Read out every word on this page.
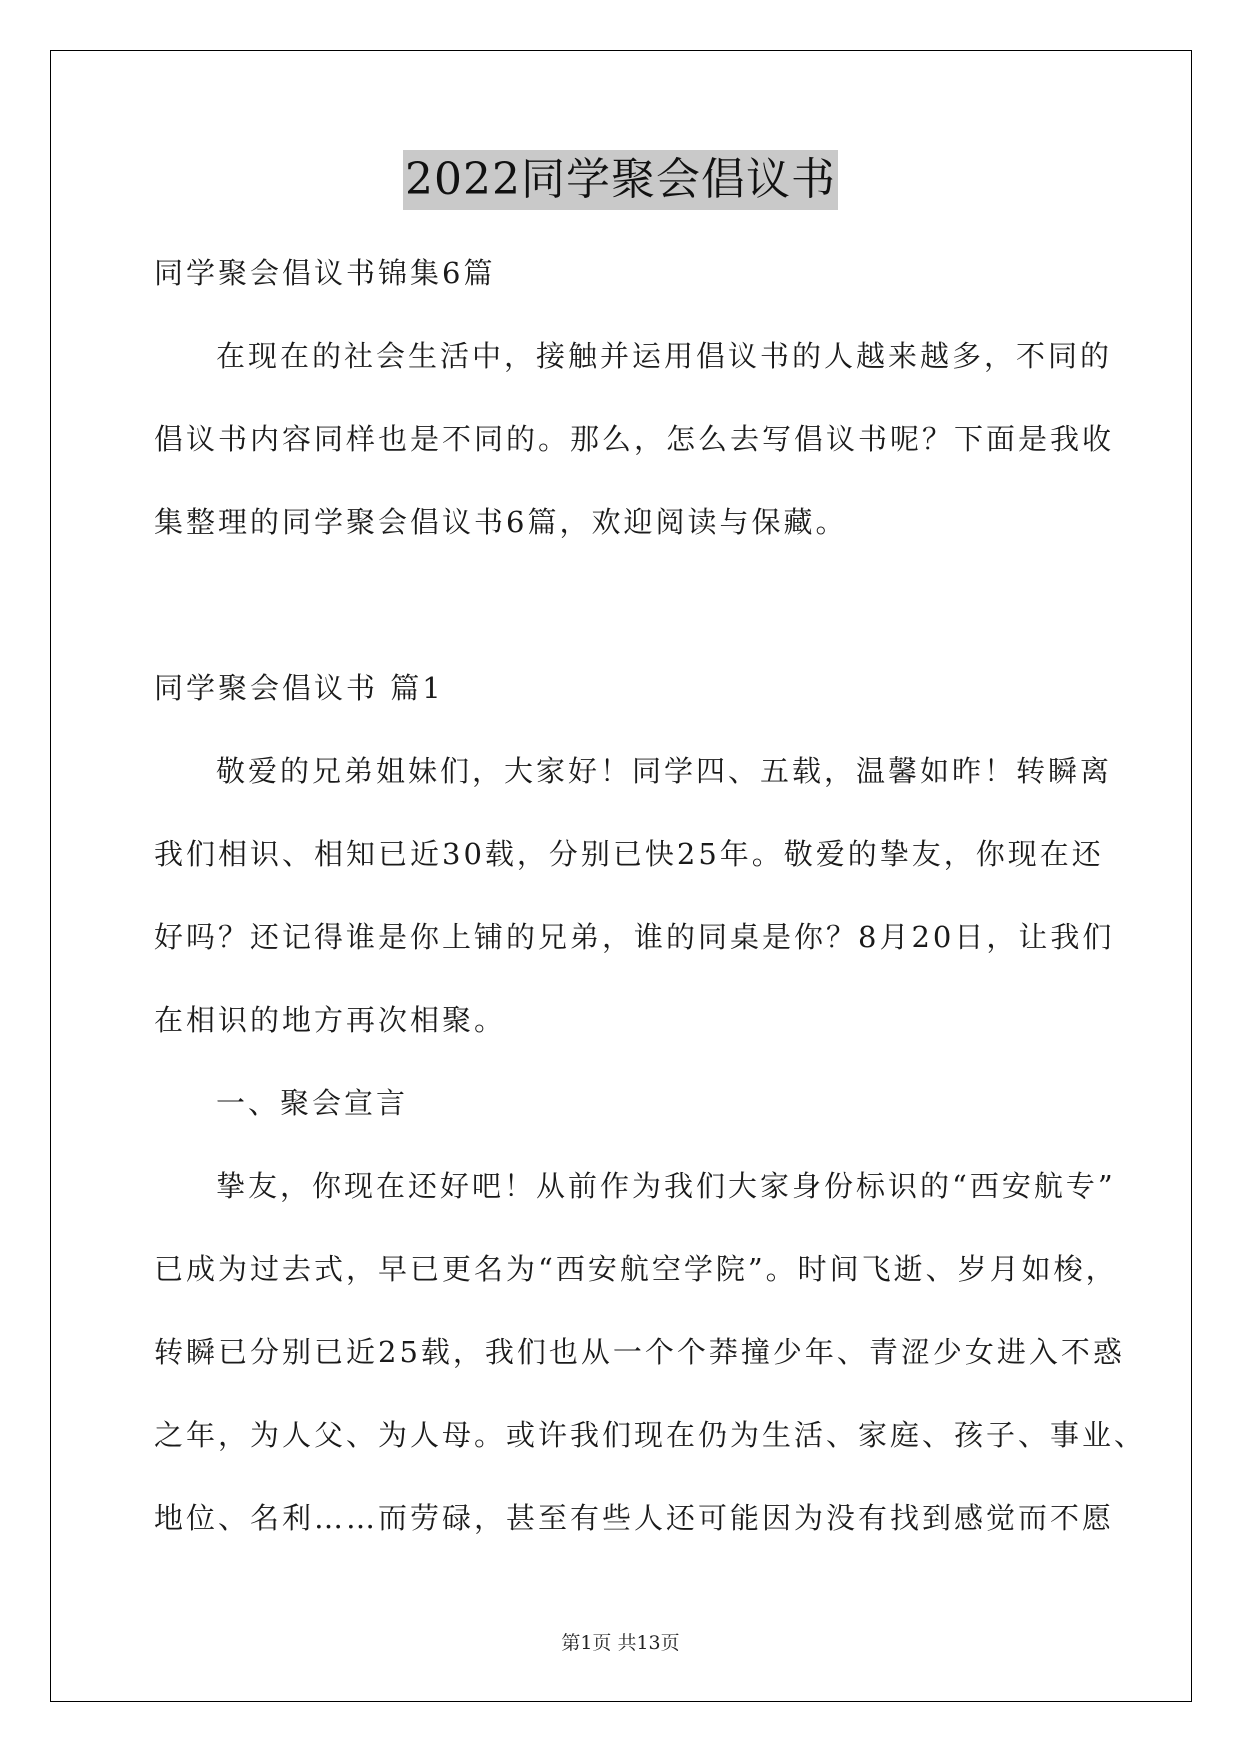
2022同学聚会倡议书
同学聚会倡议书锦集6篇
在现在的社会生活中，接触并运用倡议书的人越来越多，不同的
倡议书内容同样也是不同的。那么，怎么去写倡议书呢？下面是我收
集整理的同学聚会倡议书6篇，欢迎阅读与保藏。
同学聚会倡议书 篇1
敬爱的兄弟姐妹们，大家好！同学四、五载，温馨如昨！转瞬离
我们相识、相知已近30载，分别已快25年。敬爱的挚友，你现在还
好吗？还记得谁是你上铺的兄弟，谁的同桌是你？8月20日，让我们
在相识的地方再次相聚。
一、聚会宣言
挚友，你现在还好吧！从前作为我们大家身份标识的“西安航专”
已成为过去式，早已更名为“西安航空学院”。时间飞逝、岁月如梭，
转瞬已分别已近25载，我们也从一个个莽撞少年、青涩少女进入不惑
之年，为人父、为人母。或许我们现在仍为生活、家庭、孩子、事业、
地位、名利……而劳碌，甚至有些人还可能因为没有找到感觉而不愿
第1页 共13页
